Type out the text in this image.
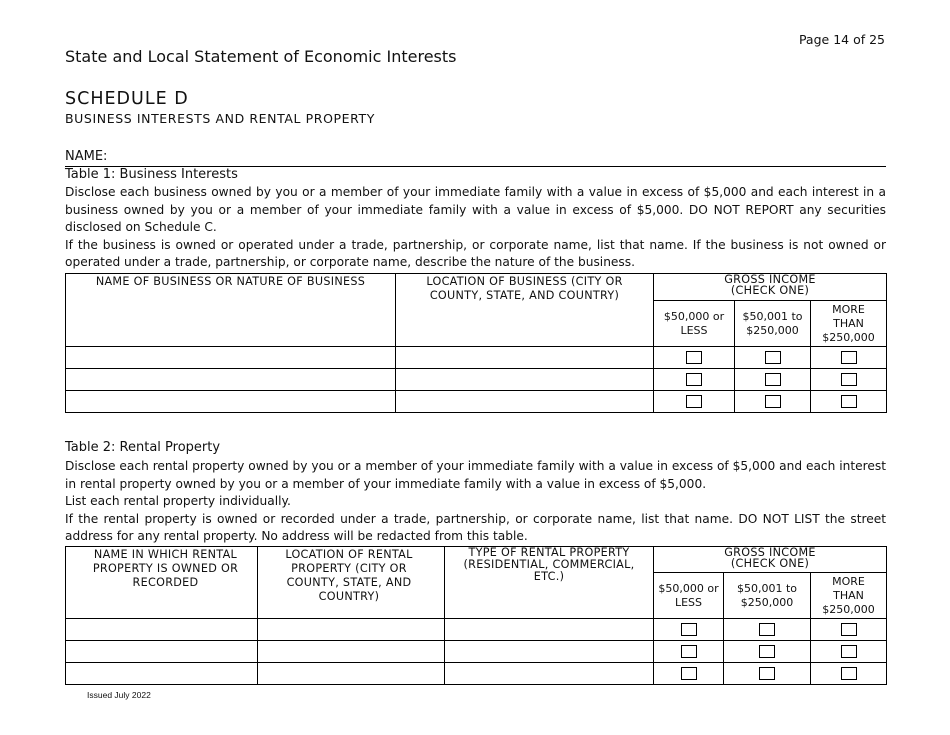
Page 14 of 25
State and Local Statement of Economic Interests
SCHEDULE D
BUSINESS INTERESTS AND RENTAL PROPERTY
NAME:
Table 1: Business Interests

Disclose each business owned by you or a member of your immediate family with a value in excess of $5,000 and each interest in a business owned by you or a member of your immediate family with a value in excess of $5,000. DO NOT REPORT any securities disclosed on Schedule C.

If the business is owned or operated under a trade, partnership, or corporate name, list that name. If the business is not owned or operated under a trade, partnership, or corporate name, describe the nature of the business.

NAME OF BUSINESS OR NATURE OF BUSINESS	LOCATION OF BUSINESS (CITY OR COUNTY, STATE, AND COUNTRY)	GROSS INCOME (CHECK ONE)		
		$50,000 or LESS	$50,001 to $250,000	MORE THAN $250,000

Table 2: Rental Property

Disclose each rental property owned by you or a member of your immediate family with a value in excess of $5,000 and each interest in rental property owned by you or a member of your immediate family with a value in excess of $5,000.

List each rental property individually.

If the rental property is owned or recorded under a trade, partnership, or corporate name, list that name. DO NOT LIST the street address for any rental property. No address will be redacted from this table.

NAME IN WHICH RENTAL PROPERTY IS OWNED OR RECORDED	LOCATION OF RENTAL PROPERTY (CITY OR COUNTY, STATE, AND COUNTRY)	TYPE OF RENTAL PROPERTY (RESIDENTIAL, COMMERCIAL, ETC.)	GROSS INCOME (CHECK ONE)		
			$50,000 or LESS	$50,001 to $250,000	MORE THAN $250,000

Issued July 2022
